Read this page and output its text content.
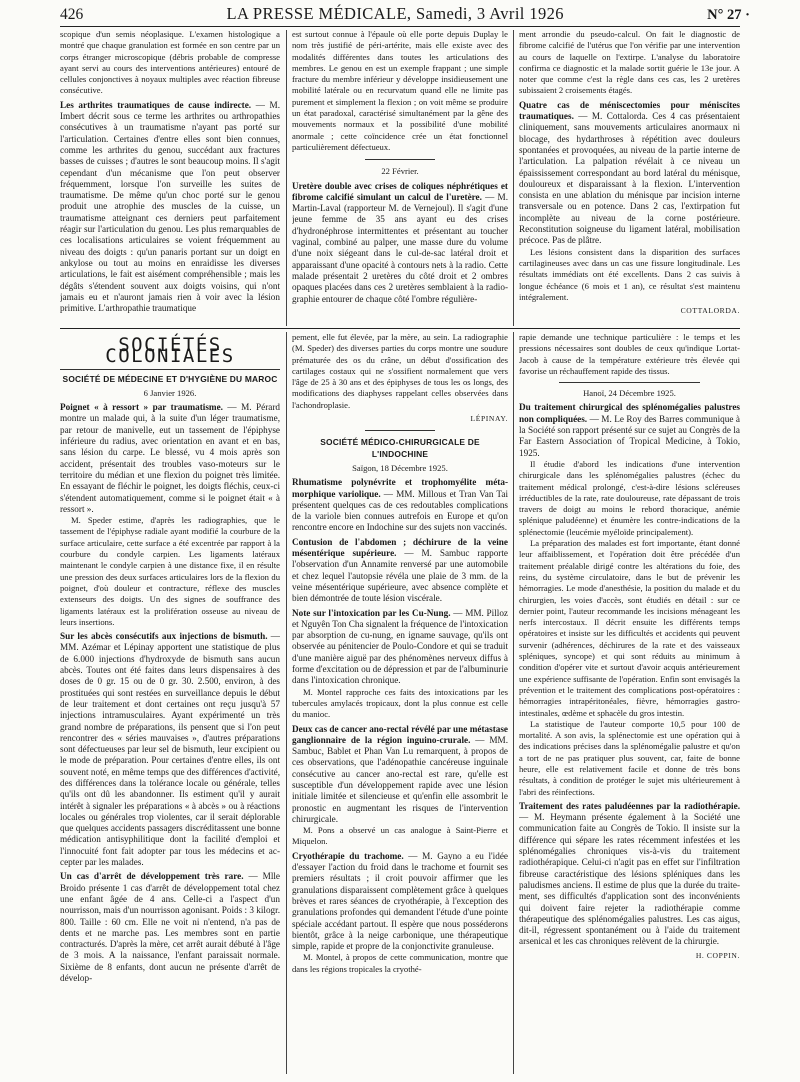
426	LA PRESSE MÉDICALE, Samedi, 3 Avril 1926	N° 27 ·

scopique d'un semis néoplasique. L'examen histologique a montré que chaque granulation est formée en son centre par un corps étranger microscopique (débris probable de compresse ayant servi au cours des interventions antérieures) entouré de cellules conjonctives à noyaux multiples avec réaction fibreuse consécutive.

Les arthrites traumatiques de cause indirecte. — M. Imbert décrit sous ce terme les arthrites ou arthropathies consécutives à un traumatisme n'ayant pas porté sur l'articulation. Certaines d'entre elles sont bien connues, comme les arthrites du genou, succédant aux fractures basses de cuisses ; d'autres le sont beaucoup moins. Il s'agit cependant d'un mécanisme que l'on peut observer fréquemment, lorsque l'on surveille les suites de traumatisme. De même qu'un choc porté sur le genou produit une atrophie des muscles de la cuisse, un traumatisme atteignant ces derniers peut parfaitement réagir sur l'articulation du genou. Les plus remarquables de ces localisations articulaires se voient fréquemment au niveau des doigts : qu'un panaris portant sur un doigt en ankylose ou tout au moins en enraidisse les diverses articulations, le fait est aisément compréhensible ; mais les dégâts s'étendent souvent aux doigts voisins, qui n'ont jamais eu et n'auront jamais rien à voir avec la lésion primitive. L'arthropathie traumatique

est surtout connue à l'épaule où elle porte depuis Duplay le nom très justifié de péri-artérite, mais elle existe avec des modalités différentes dans toutes les articulations des membres. Le genou en est un exemple frappant ; une simple fracture du membre inférieur y développe insidieusement une mobilité latérale ou en recurvatum quand elle ne limite pas purement et simplement la flexion ; on voit même se produire un état paradoxal, caractérisé simultanément par la gêne des mouvements normaux et la possibilité d'une mobilité anormale ; cette coïncidence crée un état fonctionnel particulièrement défectueux.

22 Février.

Uretère double avec crises de coliques néphrétiques et fibrome calcifié simulant un calcul de l'uretère. — M. Martin-Laval (rapporteur M. de Vernejoul). Il s'agit d'une jeune femme de 35 ans ayant eu des crises d'hydronéphrose intermittentes et présentant au toucher vaginal, combiné au palper, une masse dure du volume d'une noix siégeant dans le cul-de-sac latéral droit et apparaissant d'une opacité à contours nets à la radio. Cette malade présentait 2 uretères du côté droit et 2 ombres opaques placées dans ces 2 uretères semblaient à la radiographie entourer de chaque côté l'ombre régulière-

ment arrondie du pseudo-calcul. On fait le diagnostic de fibrome calcifié de l'utérus que l'on vérifie par une intervention au cours de laquelle on l'extirpe. L'analyse du laboratoire confirma ce diagnostic et la malade sortit guérie le 13e jour. A noter que comme c'est la règle dans ces cas, les 2 uretères subissaient 2 croisements étagés.

Quatre cas de méniscectomies pour méniscites traumatiques. — M. Cottalorda. Ces 4 cas présentaient cliniquement, sans mouvements articulaires anormaux ni blocage, des hydarthroses à répétition avec douleurs spontanées et provoquées, au niveau de la partie interne de l'articulation. La palpation révélait à ce niveau un épaississement correspondant au bord latéral du ménisque, douloureux et disparaissant à la flexion. L'intervention consista en une ablation du ménisque par incision interne transversale ou en potence. Dans 2 cas, l'extirpation fut incomplète au niveau de la corne postérieure. Reconstitution soigneuse du ligament latéral, mobilisation précoce. Pas de plâtre.

Les lésions consistent dans la disparition des surfaces cartilagineuses avec dans un cas une fissure longitudinale. Les résultats immédiats ont été excellents. Dans 2 cas suivis à longue échéance (6 mois et 1 an), ce résultat s'est maintenu intégralement.

COTTALORDA.
SOCIÉTÉS COLONIALES
SOCIÉTÉ DE MÉDECINE ET D'HYGIÈNE DU MAROC

6 Janvier 1926.

Poignet « à ressort » par traumatisme. — M. Pérard montre un malade qui, à la suite d'un léger traumatisme, par retour de manivelle, eut un tassement de l'épiphyse inférieure du radius, avec orientation en avant et en bas, sans lésion du carpe. Le blessé, vu 4 mois après son accident, présentait des troubles vaso-moteurs sur le territoire du médian et une flexion du poignet très limitée. En essayant de fléchir le poignet, les doigts fléchis, ceux-ci s'étendent automatiquement, comme si le poignet était « à ressort ».

M. Speder estime, d'après les radiographies, que le tassement de l'épiphyse radiale ayant modifié la courbure de la surface articulaire, cette surface a été excentrée par rapport à la courbure du condyle carpien. Les ligaments latéraux maintenant le condyle carpien à une distance fixe, il en résulte une pression des deux surfaces articulaires lors de la flexion du poignet, d'où douleur et contracture, réflexe des muscles extenseurs des doigts. Un des signes de souffrance des ligaments latéraux est la prolifération osseuse au niveau de leurs insertions.

Sur les abcès consécutifs aux injections de bismuth. — MM. Azémar et Lépinay apportent une statistique de plus de 6.000 injections d'hydroxyde de bismuth sans aucun abcès. Toutes ont été faites dans leurs dispensaires à des doses de 0 gr. 15 ou de 0 gr. 30. 2.500, environ, à des prostituées qui sont restées en surveillance depuis le début de leur traitement et dont certaines ont reçu jusqu'à 57 injections intramusculaires. Ayant expérimenté un très grand nombre de préparations, ils pensent que si l'on peut rencontrer des « séries mauvaises », d'autres préparations sont défectueuses par leur sel de bismuth, leur excipient ou le mode de préparation. Pour certaines d'entre elles, ils ont souvent noté, en même temps que des différences d'activité, des différences dans la tolérance locale ou générale, telles qu'ils ont dû les abandonner. Ils estiment qu'il y aurait intérêt à signaler les préparations « à abcès » ou à réactions locales ou générales trop violentes, car il serait déplorable que quelques accidents passagers discréditassent une bonne médication antisyphilitique dont la facilité d'emploi et l'innocuité font fait adopter par tous les médecins et accepter par les malades.
Un cas d'arrêt de développement très rare. — Mlle Broido présente 1 cas d'arrêt de développement total chez une enfant âgée de 4 ans. Celle-ci a l'aspect d'un nourrisson, mais d'un nourrisson agonisant. Poids : 3 kilogr. 800. Taille : 60 cm. Elle ne voit ni n'entend, n'a pas de dents et ne marche pas. Les membres sont en partie contracturés. D'après la mère, cet arrêt aurait débuté à l'âge de 3 mois. A la naissance, l'enfant paraissait normale. Sixième de 8 enfants, dont aucun ne présente d'arrêt de dévelop-

pement, elle fut élevée, par la mère, au sein. La radiographie (M. Speder) des diverses parties du corps montre une soudure prématurée des os du crâne, un début d'ossification des cartilages costaux qui ne s'ossifient normalement que vers l'âge de 25 à 30 ans et des épiphyses de tous les os longs, des modifications des diaphyses rappelant celles observées dans l'achondroplasie.

LÉPINAY.
SOCIÉTÉ MÉDICO-CHIRURGICALE DE L'INDOCHINE

Saïgon, 18 Décembre 1925.

Rhumatisme polynévrite et trophomyélite métamorphique variolique. — MM. Millous et Tran Van Tai présentent quelques cas de ces redoutables complications de la variole bien connues autrefois en Europe et qu'on rencontre encore en Indochine sur des sujets non vaccinés.
Contusion de l'abdomen ; déchirure de la veine mésentérique supérieure. — M. Sambuc rapporte l'observation d'un Annamite renversé par une automobile et chez lequel l'autopsie révéla une plaie de 3 mm. de la veine mésentérique supérieure, avec absence complète et bien démontrée de toute lésion viscérale.
Note sur l'intoxication par les Cu-Nung. — MM. Pilloz et Nguyên Ton Cha signalent la fréquence de l'intoxication par absorption de cu-nung, en igname sauvage, qu'ils ont observée au pénitencier de Poulo-Condore et qui se traduit d'une manière aiguë par des phénomènes nerveux diffus à forme d'excitation ou de dépression et par de l'albuminurie dans l'intoxication chronique.

M. Montel rapproche ces faits des intoxications par les tubercules amylacés tropicaux, dont la plus connue est celle du manioc.

Deux cas de cancer ano-rectal révélé par une métastase ganglionnaire de la région inguino-crurale. — MM. Sambuc, Bablet et Phan Van Lu remarquent, à propos de ces observations, que l'adénopathie cancéreuse inguinale consécutive au cancer ano-rectal est rare, qu'elle est susceptible d'un développement rapide avec une lésion initiale limitée et silencieuse et qu'enfin elle assombrit le pronostic en augmentant les risques de l'intervention chirurgicale.

M. Pons a observé un cas analogue à Saint-Pierre et Miquelon.

Cryothérapie du trachome. — M. Gayno a eu l'idée d'essayer l'action du froid dans le trachome et fournit ses premiers résultats ; il croit pouvoir affirmer que les granulations disparaissent complètement grâce à quelques brèves et rares séances de cryothérapie, à l'exception des granulations profondes qui demandent l'étude d'une pointe spéciale accédant partout. Il espère que nous posséderons bientôt, grâce à la neige carbonique, une thérapeutique simple, rapide et propre de la conjonctivite granuleuse.

M. Montel, à propos de cette communication, montre que dans les régions tropicales la cryothé-

rapie demande une technique particulière : le temps et les pressions nécessaires sont doubles de ceux qu'indique Lortat-Jacob à cause de la température extérieure très élevée qui favorise un réchauffement rapide des tissus.

Hanoï, 24 Décembre 1925.

Du traitement chirurgical des splénomégalies palustres non compliquées. — M. Le Roy des Barres communique à la Société son rapport présenté sur ce sujet au Congrès de la Far Eastern Association of Tropical Medicine, à Tokio, 1925.

Il étudie d'abord les indications d'une intervention chirurgicale dans les splénomégalies palustres (échec du traitement médical prolongé, c'est-à-dire lésions scléreuses irréductibles de la rate, rate douloureuse, rate dépassant de trois travers de doigt au moins le rebord thoracique, anémie splénique paludéenne) et énumère les contre-indications de la splénectomie (leucémie myéloïde principalement).

La préparation des malades est fort importante, étant donné leur affaiblissement, et l'opération doit être précédée d'un traitement préalable dirigé contre les altérations du foie, des reins, du système circulatoire, dans le but de prévenir les hémorragies. Le mode d'anesthésie, la position du malade et du chirurgien, les voies d'accès, sont étudiés en détail : sur ce dernier point, l'auteur recommande les incisions ménageant les nerfs intercostaux. Il décrit ensuite les différents temps opératoires et insiste sur les difficultés et accidents qui peuvent survenir (adhérences, déchirures de la rate et des vaisseaux spléniques, syncope) et qui sont réduits au minimum à condition d'opérer vite et surtout d'avoir acquis antérieurement une expérience suffisante de l'opération. Enfin sont envisagés la prévention et le traitement des complications post-opératoires : hémorragies intrapéritonéales, fièvre, hémorragies gastro-intestinales, œdème et sphacèle du gros intestin.

La statistique de l'auteur comporte 10,5 pour 100 de mortalité. A son avis, la splénectomie est une opération qui à des indications précises dans la splénomégalie palustre et qu'on a tort de ne pas pratiquer plus souvent, car, faite de bonne heure, elle est relativement facile et donne de très bons résultats, à condition de protéger le sujet mis ultérieurement à l'abri des réinfections.

Traitement des rates paludéennes par la radiothérapie. — M. Heymann présente également à la Société une communication faite au Congrès de Tokio. Il insiste sur la différence qui sépare les rates récemment infestées et les splénomégalies chroniques vis-à-vis du traitement radiothérapique. Celui-ci n'agit pas en effet sur l'infiltration fibreuse caractéristique des lésions spléniques dans les paludismes anciens. Il estime de plus que la durée du traitement, ses difficultés d'application sont des inconvénients qui doivent faire rejeter la radiothérapie comme thérapeutique des splénomégalies palustres. Les cas aigus, dit-il, régressent spontanément ou à l'aide du traitement arsenical et les cas chroniques relèvent de la chirurgie.
H. COPPIN.
